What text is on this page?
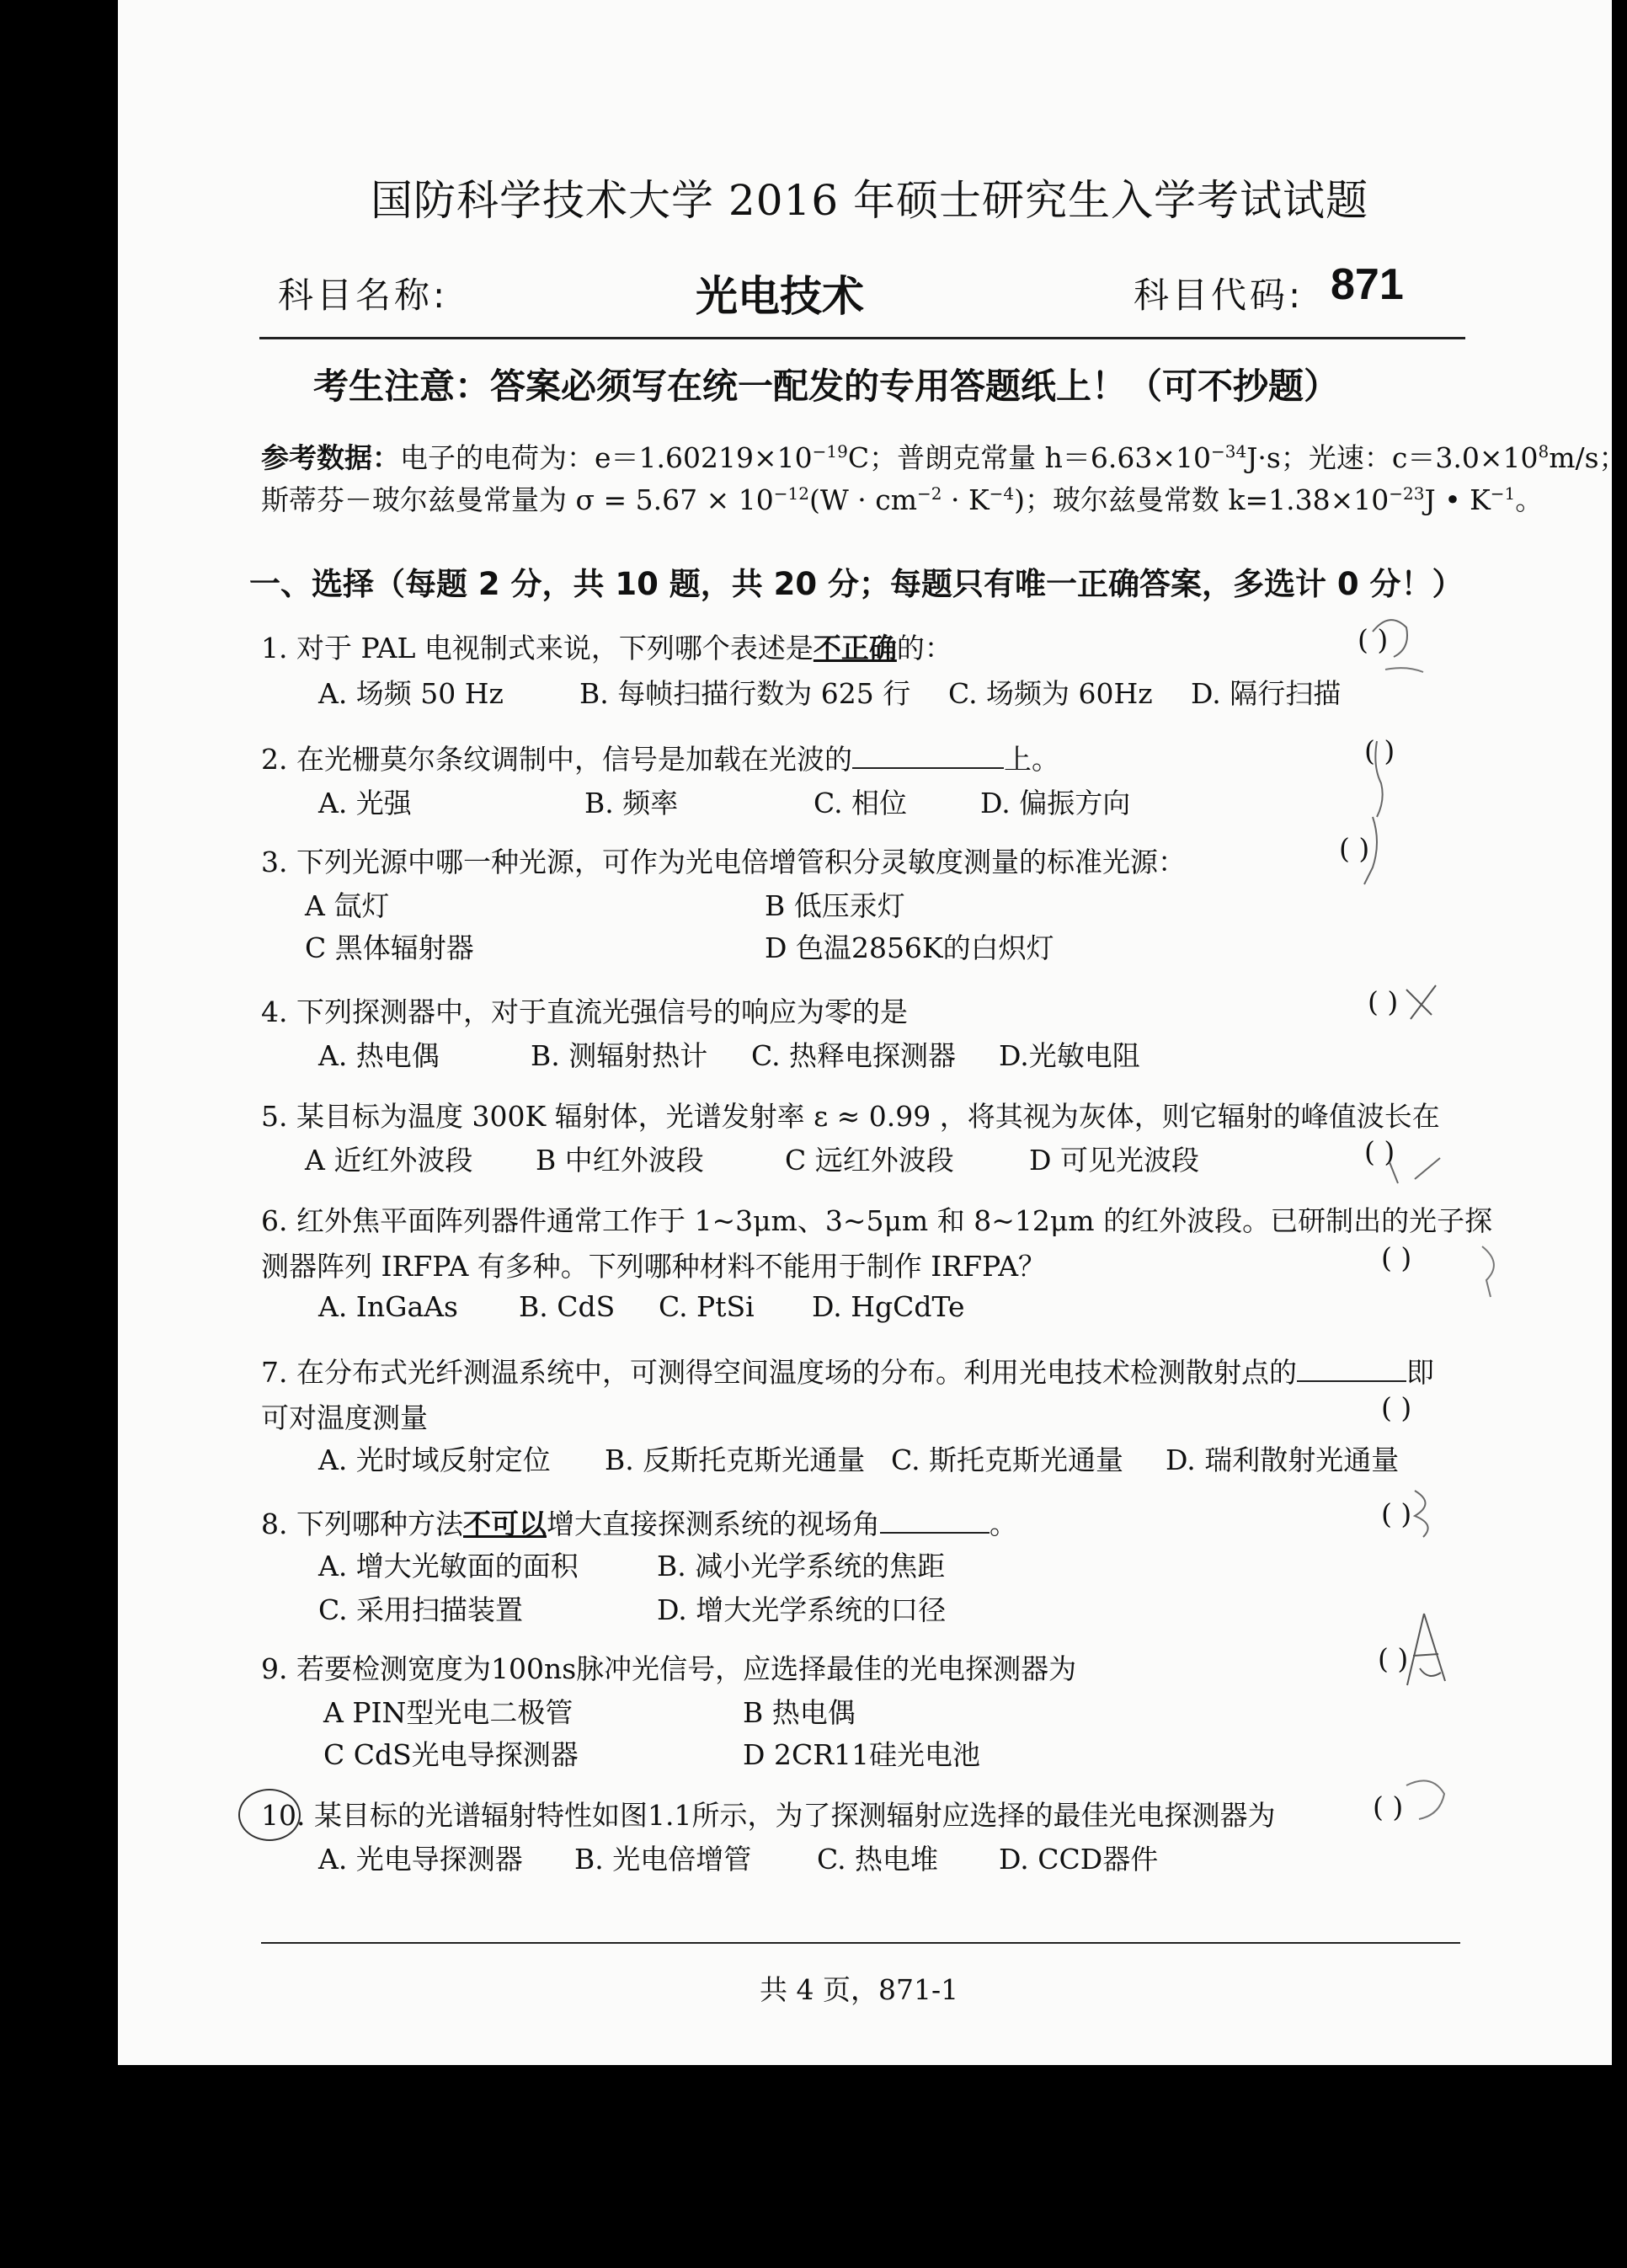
国防科学技术大学 2016 年硕士研究生入学考试试题
科目名称:	光电技术	科目代码: 871
考生注意：答案必须写在统一配发的专用答题纸上！（可不抄题）
参考数据：电子的电荷为：$e=1.60219\times 10^{-19}C$；普朗克常量 $h=6.63\times 10^{-34}J\cdot s$；光速：$c=3.0\times 10^8m/s$；
斯蒂芬－玻尔兹曼常量为 $\sigma = 5.67 \times 10^{-12}(W \cdot cm^{-2} \cdot K^{-4})$；玻尔兹曼常数 $k=1.38\times 10^{-23}J$ • $K^{-1}$。
一、选择（每题 2 分，共 10 题，共 20 分；每题只有唯一正确答案，多选计 0 分！）
1. 对于 PAL 电视制式来说，下列哪个表述是不正确的：	( )
A. 场频 50 Hz	B. 每帧扫描行数为 625 行 C. 场频为 60Hz D. 隔行扫描
2. 在光栅莫尔条纹调制中，信号是加载在光波的	上。	( )
A. 光强	B. 频率	C. 相位	D. 偏振方向
3. 下列光源中哪一种光源，可作为光电倍增管积分灵敏度测量的标准光源：	( )
A 氙灯	B 低压汞灯
C 黑体辐射器	D 色温2856K的白炽灯
4. 下列探测器中，对于直流光强信号的响应为零的是	( )
A. 热电偶	B. 测辐射热计 C. 热释电探测器 D.光敏电阻
5. 某目标为温度 300K 辐射体，光谱发射率 ε ≈ 0.99 ，将其视为灰体，则它辐射的峰值波长在
( )
A 近红外波段 B 中红外波段	C 远红外波段	D 可见光波段
6. 红外焦平面阵列器件通常工作于 1~3μm、3~5μm 和 8~12μm 的红外波段。已研制出的光子探
测器阵列 IRFPA 有多种。下列哪种材料不能用于制作 IRFPA？	( )
A. InGaAs B. CdS C. PtSi D. HgCdTe
7. 在分布式光纤测温系统中，可测得空间温度场的分布。利用光电技术检测散射点的	即
可对温度测量	( )
A. 光时域反射定位 B. 反斯托克斯光通量 C. 斯托克斯光通量 D. 瑞利散射光通量
8. 下列哪种方法不可以增大直接探测系统的视场角	。	( )
A. 增大光敏面的面积	B. 减小光学系统的焦距
C. 采用扫描装置	D. 增大光学系统的口径
9. 若要检测宽度为100ns脉冲光信号，应选择最佳的光电探测器为	( )
A PIN型光电二极管	B 热电偶
C CdS光电导探测器	D 2CR11硅光电池
10. 某目标的光谱辐射特性如图1.1所示，为了探测辐射应选择的最佳光电探测器为	( )
A. 光电导探测器 B. 光电倍增管 C. 热电堆 D. CCD器件
共 4 页，871-1
